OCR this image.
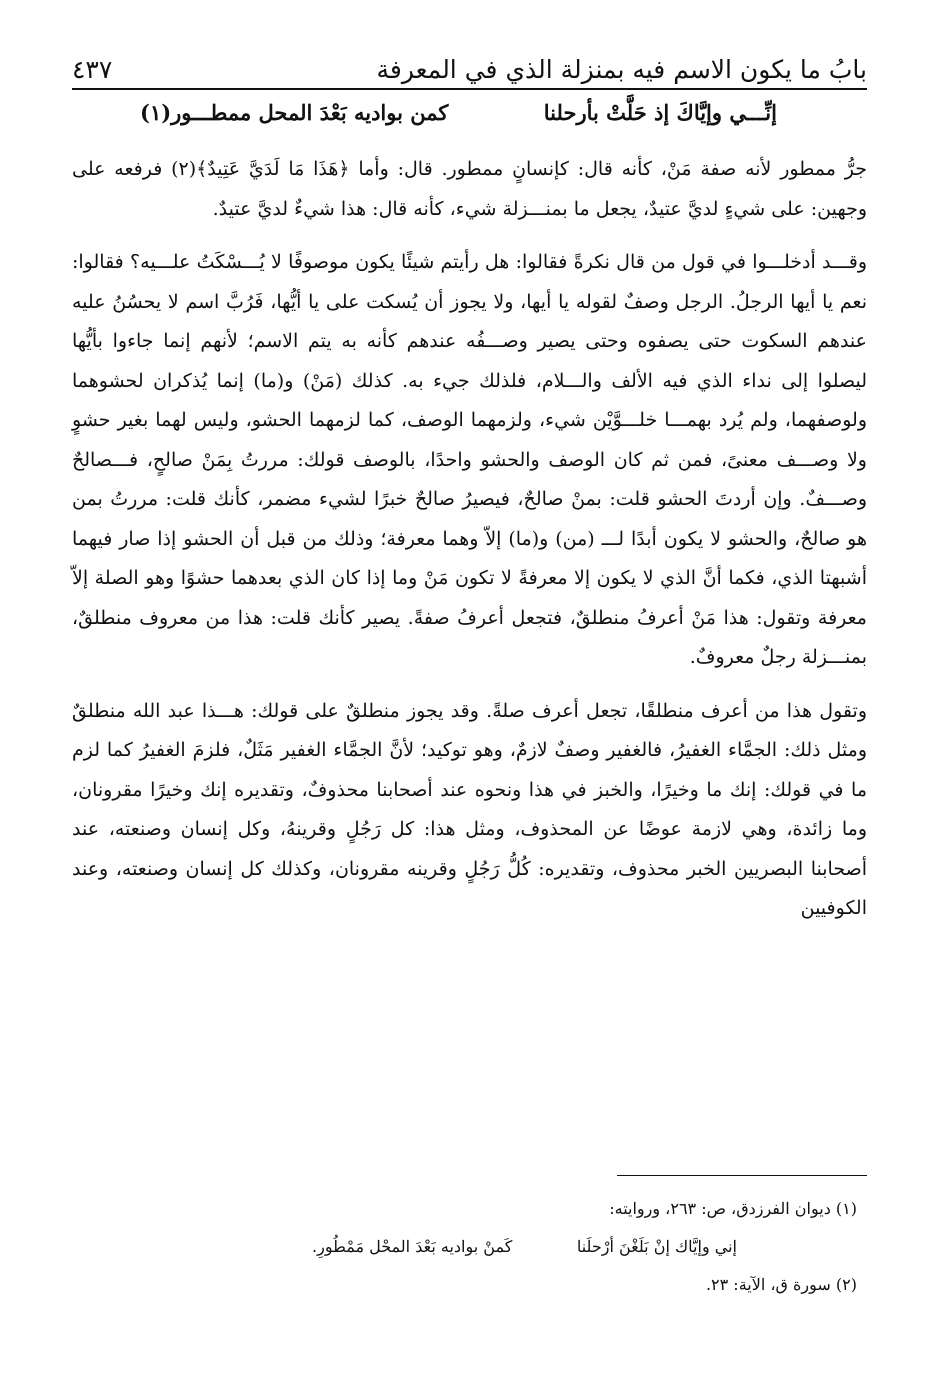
بابُ ما يكون الاسم فيه بمنزلة الذي في المعرفة
٤٣٧
إنِّـــي وإيَّاكَ إذ حَلَّتْ بأرحلنا
كمن بواديه بَعْدَ المحل ممطـــور(١)

جرُّ ممطور لأنه صفة مَنْ، كأنه قال: كإنسانٍ ممطور. قال: وأما ﴿هَذَا مَا لَدَيَّ عَتِيدٌ﴾(٢) فرفعه على وجهين: على شيءٍ لديَّ عتيدٌ، يجعل ما بمنـــزلة شيء، كأنه قال: هذا شيءٌ لديَّ عتيدٌ.

وقـــد أدخلـــوا في قول من قال نكرةً فقالوا: هل رأيتم شيئًا يكون موصوفًا لا يُـــسْكَتُ علـــيه؟ فقالوا: نعم يا أيها الرجلُ. الرجل وصفٌ لقوله يا أيها، ولا يجوز أن يُسكت على يا أيُّها، فَرُبَّ اسم لا يحسُنُ عليه عندهم السكوت حتى يصفوه وحتى يصير وصـــفُه عندهم كأنه به يتم الاسم؛ لأنهم إنما جاءوا بأيُّها ليصلوا إلى نداء الذي فيه الألف والـــلام، فلذلك جيء به. كذلك (مَنْ) و(ما) إنما يُذكران لحشوهما ولوصفهما، ولم يُرد بهمـــا خلـــوَّيْن شيء، ولزمهما الوصف، كما لزمهما الحشو، وليس لهما بغير حشوٍ ولا وصـــف معنىً، فمن ثم كان الوصف والحشو واحدًا، بالوصف قولك: مررتُ بِمَنْ صالحٍ، فـــصالحٌ وصـــفٌ. وإن أردتَ الحشو قلت: بمنْ صالحٌ، فيصيرُ صالحٌ خبرًا لشيء مضمر، كأنك قلت: مررتُ بمن هو صالحٌ، والحشو لا يكون أبدًا لـــ (من) و(ما) إلاّ وهما معرفة؛ وذلك من قبل أن الحشو إذا صار فيهما أشبهتا الذي، فكما أنَّ الذي لا يكون إلا معرفةً لا تكون مَنْ وما إذا كان الذي بعدهما حشوًا وهو الصلة إلاّ معرفة وتقول: هذا مَنْ أعرفُ منطلقٌ، فتجعل أعرفُ صفةً. يصير كأنك قلت: هذا من معروف منطلقٌ، بمنـــزلة رجلٌ معروفٌ.

وتقول هذا من أعرف منطلقًا، تجعل أعرف صلةً. وقد يجوز منطلقٌ على قولك: هـــذا عبد الله منطلقٌ ومثل ذلك: الجمَّاء الغفيرُ، فالغفير وصفٌ لازمٌ، وهو توكيد؛ لأنَّ الجمَّاء الغفير مَثَلٌ، فلزمَ الغفيرُ كما لزم ما في قولك: إنك ما وخيرًا، والخبز في هذا ونحوه عند أصحابنا محذوفٌ، وتقديره إنك وخيرًا مقرونان، وما زائدة، وهي لازمة عوضًا عن المحذوف، ومثل هذا: كل رَجُلٍ وقرينهُ، وكل إنسان وصنعته، عند أصحابنا البصريين الخبر محذوف، وتقديره: كُلُّ رَجُلٍ وقرينه مقرونان، وكذلك كل إنسان وصنعته، وعند الكوفيين

(١) ديوان الفرزدق، ص: ٢٦٣، وروايته:

إني وإيَّاك إنْ بَلَغْنَ أرْحلَنا
كَمنْ بواديه بَعْدَ المحْل مَمْطُورِ.

(٢) سورة ق، الآية: ٢٣.
